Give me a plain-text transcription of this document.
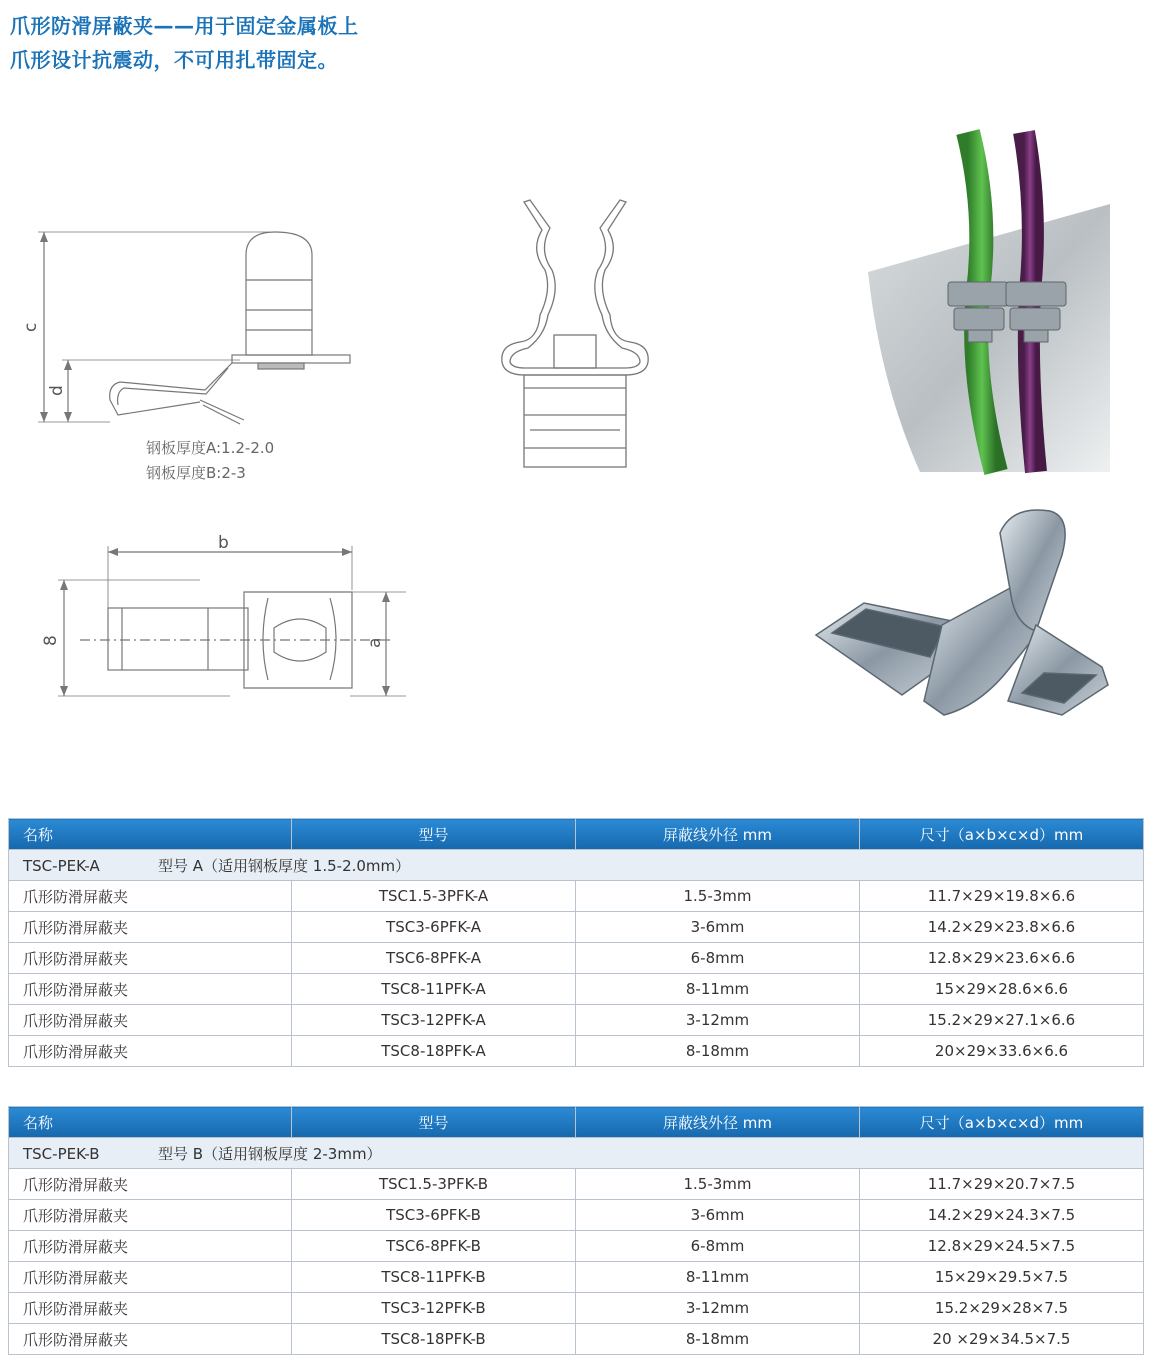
爪形防滑屏蔽夹——用于固定金属板上
爪形设计抗震动，不可用扎带固定。
c
d
钢板厚度A:1.2-2.0
钢板厚度B:2-3
b
8	a
名称	型号	屏蔽线外径 mm	尺寸（a×b×c×d）mm
TSC-PEK-A 型号 A（适用钢板厚度 1.5-2.0mm）			
爪形防滑屏蔽夹	TSC1.5-3PFK-A	1.5-3mm	11.7×29×19.8×6.6
爪形防滑屏蔽夹	TSC3-6PFK-A	3-6mm	14.2×29×23.8×6.6
爪形防滑屏蔽夹	TSC6-8PFK-A	6-8mm	12.8×29×23.6×6.6
爪形防滑屏蔽夹	TSC8-11PFK-A	8-11mm	15×29×28.6×6.6
爪形防滑屏蔽夹	TSC3-12PFK-A	3-12mm	15.2×29×27.1×6.6
爪形防滑屏蔽夹	TSC8-18PFK-A	8-18mm	20×29×33.6×6.6
名称	型号	屏蔽线外径 mm	尺寸（a×b×c×d）mm
TSC-PEK-B 型号 B（适用钢板厚度 2-3mm）			
爪形防滑屏蔽夹	TSC1.5-3PFK-B	1.5-3mm	11.7×29×20.7×7.5
爪形防滑屏蔽夹	TSC3-6PFK-B	3-6mm	14.2×29×24.3×7.5
爪形防滑屏蔽夹	TSC6-8PFK-B	6-8mm	12.8×29×24.5×7.5
爪形防滑屏蔽夹	TSC8-11PFK-B	8-11mm	15×29×29.5×7.5
爪形防滑屏蔽夹	TSC3-12PFK-B	3-12mm	15.2×29×28×7.5
爪形防滑屏蔽夹	TSC8-18PFK-B	8-18mm	20 ×29×34.5×7.5
